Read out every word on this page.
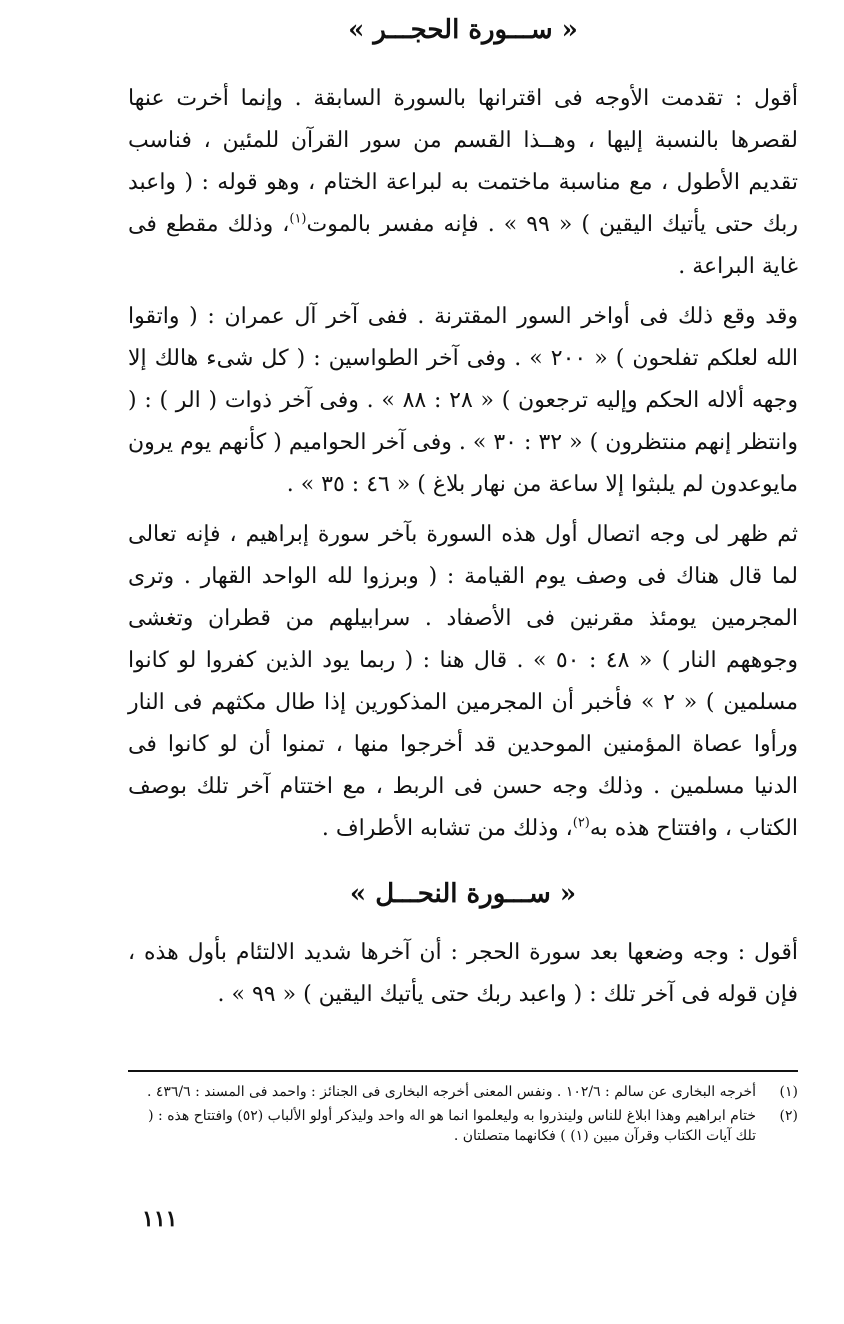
« ســـورة الحجـــر »

أقول : تقدمت الأوجه فى اقترانها بالسورة السابقة . وإنما أخرت عنها لقصرها بالنسبة إليها ، وهــذا القسم من سور القرآن للمئين ، فناسب تقديم الأطول ، مع مناسبة ماختمت به لبراعة الختام ، وهو قوله : ( واعبد ربك حتى يأتيك اليقين ) « ٩٩ » . فإنه مفسر بالموت$^{(١)}$، وذلك مقطع فى غاية البراعة .

وقد وقع ذلك فى أواخر السور المقترنة . ففى آخر آل عمران : ( واتقوا الله لعلكم تفلحون ) « ٢٠٠ » . وفى آخر الطواسين : ( كل شىء هالك إلا وجهه ألاله الحكم وإليه ترجعون ) « ٢٨ : ٨٨ » . وفى آخر ذوات ( الر ) : ( وانتظر إنهم منتظرون ) « ٣٢ : ٣٠ » . وفى آخر الحواميم ( كأنهم يوم يرون مايوعدون لم يلبثوا إلا ساعة من نهار بلاغ ) « ٤٦ : ٣٥ » .

ثم ظهر لى وجه اتصال أول هذه السورة بآخر سورة إبراهيم ، فإنه تعالى لما قال هناك فى وصف يوم القيامة : ( وبرزوا لله الواحد القهار . وترى المجرمين يومئذ مقرنين فى الأصفاد . سرابيلهم من قطران وتغشى وجوههم النار ) « ٤٨ : ٥٠ » . قال هنا : ( ربما يود الذين كفروا لو كانوا مسلمين ) « ٢ » فأخبر أن المجرمين المذكورين إذا طال مكثهم فى النار ورأوا عصاة المؤمنين الموحدين قد أخرجوا منها ، تمنوا أن لو كانوا فى الدنيا مسلمين . وذلك وجه حسن فى الربط ، مع اختتام آخر تلك بوصف الكتاب ، وافتتاح هذه به$^{(٢)}$، وذلك من تشابه الأطراف .

« ســـورة النحـــل »

أقول : وجه وضعها بعد سورة الحجر : أن آخرها شديد الالتئام بأول هذه ، فإن قوله فى آخر تلك : ( واعبد ربك حتى يأتيك اليقين ) « ٩٩ » .

(١)
أخرجه البخارى عن سالم : ١٠٢/٦ . ونفس المعنى أخرجه البخارى فى الجنائز : واحمد فى المسند : ٤٣٦/٦ .
(٢)
ختام ابراهيم وهذا ابلاغ للناس ولينذروا به وليعلموا انما هو اله واحد وليذكر أولو الألباب (٥٢) وافتتاح هذه : ( تلك آيات الكتاب وقرآن مبين (١) ) فكانهما متصلتان .
١١١
